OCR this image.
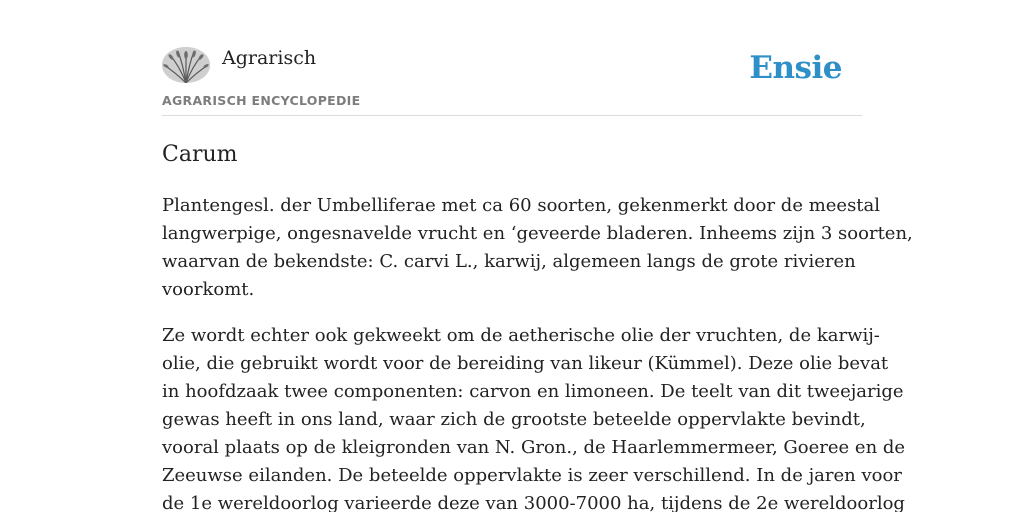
Agrarisch
AGRARISCH ENCYCLOPEDIE
Ensie
Carum

Plantengesl. der Umbelliferae met ca 60 soorten, gekenmerkt door de meestal
langwerpige, ongesnavelde vrucht en ‘geveerde bladeren. Inheems zijn 3 soorten,
waarvan de bekendste: C. carvi L., karwij, algemeen langs de grote rivieren
voorkomt.

Ze wordt echter ook gekweekt om de aetherische olie der vruchten, de karwij-
olie, die gebruikt wordt voor de bereiding van likeur (Kümmel). Deze olie bevat
in hoofdzaak twee componenten: carvon en limoneen. De teelt van dit tweejarige
gewas heeft in ons land, waar zich de grootste beteelde oppervlakte bevindt,
vooral plaats op de kleigronden van N. Gron., de Haarlemmermeer, Goeree en de
Zeeuwse eilanden. De beteelde oppervlakte is zeer verschillend. In de jaren voor
de 1e wereldoorlog varieerde deze van 3000-7000 ha, tijdens de 2e wereldoorlog
